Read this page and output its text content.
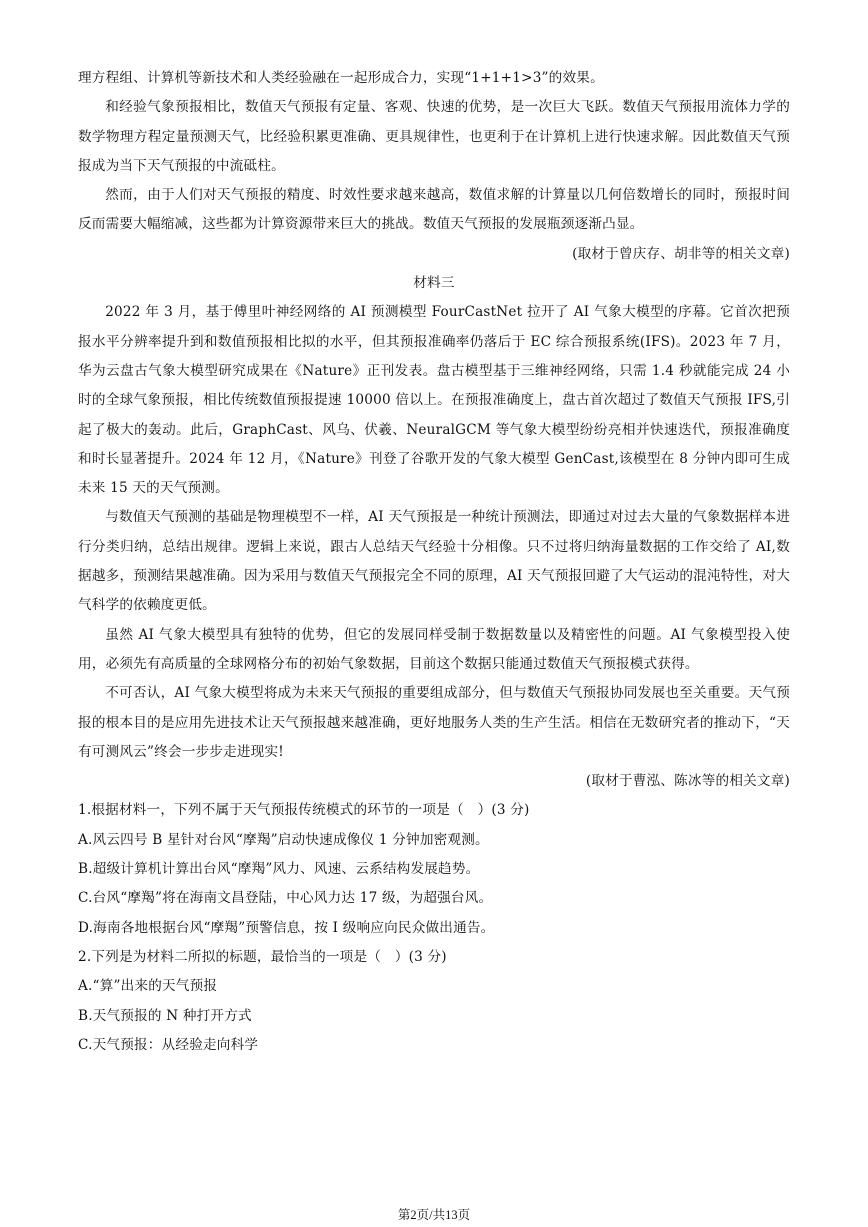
理方程组、计算机等新技术和人类经验融在一起形成合力，实现“1+1+1>3”的效果。

和经验气象预报相比，数值天气预报有定量、客观、快速的优势，是一次巨大飞跃。数值天气预报用流体力学的数学物理方程定量预测天气，比经验积累更准确、更具规律性，也更利于在计算机上进行快速求解。因此数值天气预报成为当下天气预报的中流砥柱。

然而，由于人们对天气预报的精度、时效性要求越来越高，数值求解的计算量以几何倍数增长的同时，预报时间反而需要大幅缩减，这些都为计算资源带来巨大的挑战。数值天气预报的发展瓶颈逐渐凸显。

(取材于曾庆存、胡非等的相关文章)

材料三

2022 年 3 月，基于傅里叶神经网络的 AI 预测模型 FourCastNet 拉开了 AI 气象大模型的序幕。它首次把预报水平分辨率提升到和数值预报相比拟的水平，但其预报准确率仍落后于 EC 综合预报系统(IFS)。2023 年 7 月，华为云盘古气象大模型研究成果在《Nature》正刊发表。盘古模型基于三维神经网络，只需 1.4 秒就能完成 24 小时的全球气象预报，相比传统数值预报提速 10000 倍以上。在预报准确度上，盘古首次超过了数值天气预报 IFS,引起了极大的轰动。此后，GraphCast、风乌、伏羲、NeuralGCM 等气象大模型纷纷亮相并快速迭代，预报准确度和时长显著提升。2024 年 12 月，《Nature》刊登了谷歌开发的气象大模型 GenCast,该模型在 8 分钟内即可生成未来 15 天的天气预测。

与数值天气预测的基础是物理模型不一样，AI 天气预报是一种统计预测法，即通过对过去大量的气象数据样本进行分类归纳，总结出规律。逻辑上来说，跟古人总结天气经验十分相像。只不过将归纳海量数据的工作交给了 AI,数据越多，预测结果越准确。因为采用与数值天气预报完全不同的原理，AI 天气预报回避了大气运动的混沌特性，对大气科学的依赖度更低。

虽然 AI 气象大模型具有独特的优势，但它的发展同样受制于数据数量以及精密性的问题。AI 气象模型投入使用，必须先有高质量的全球网格分布的初始气象数据，目前这个数据只能通过数值天气预报模式获得。

不可否认，AI 气象大模型将成为未来天气预报的重要组成部分，但与数值天气预报协同发展也至关重要。天气预报的根本目的是应用先进技术让天气预报越来越准确，更好地服务人类的生产生活。相信在无数研究者的推动下，“天有可测风云”终会一步步走进现实!

(取材于曹泓、陈冰等的相关文章)

1.根据材料一，下列不属于天气预报传统模式的环节的一项是（　）(3 分)

A.风云四号 B 星针对台风“摩羯”启动快速成像仪 1 分钟加密观测。

B.超级计算机计算出台风“摩羯”风力、风速、云系结构发展趋势。

C.台风“摩羯”将在海南文昌登陆，中心风力达 17 级，为超强台风。

D.海南各地根据台风“摩羯”预警信息，按 I 级响应向民众做出通告。

2.下列是为材料二所拟的标题，最恰当的一项是（　）(3 分)

A.“算”出来的天气预报

B.天气预报的 N 种打开方式

C.天气预报：从经验走向科学

第2页/共13页
